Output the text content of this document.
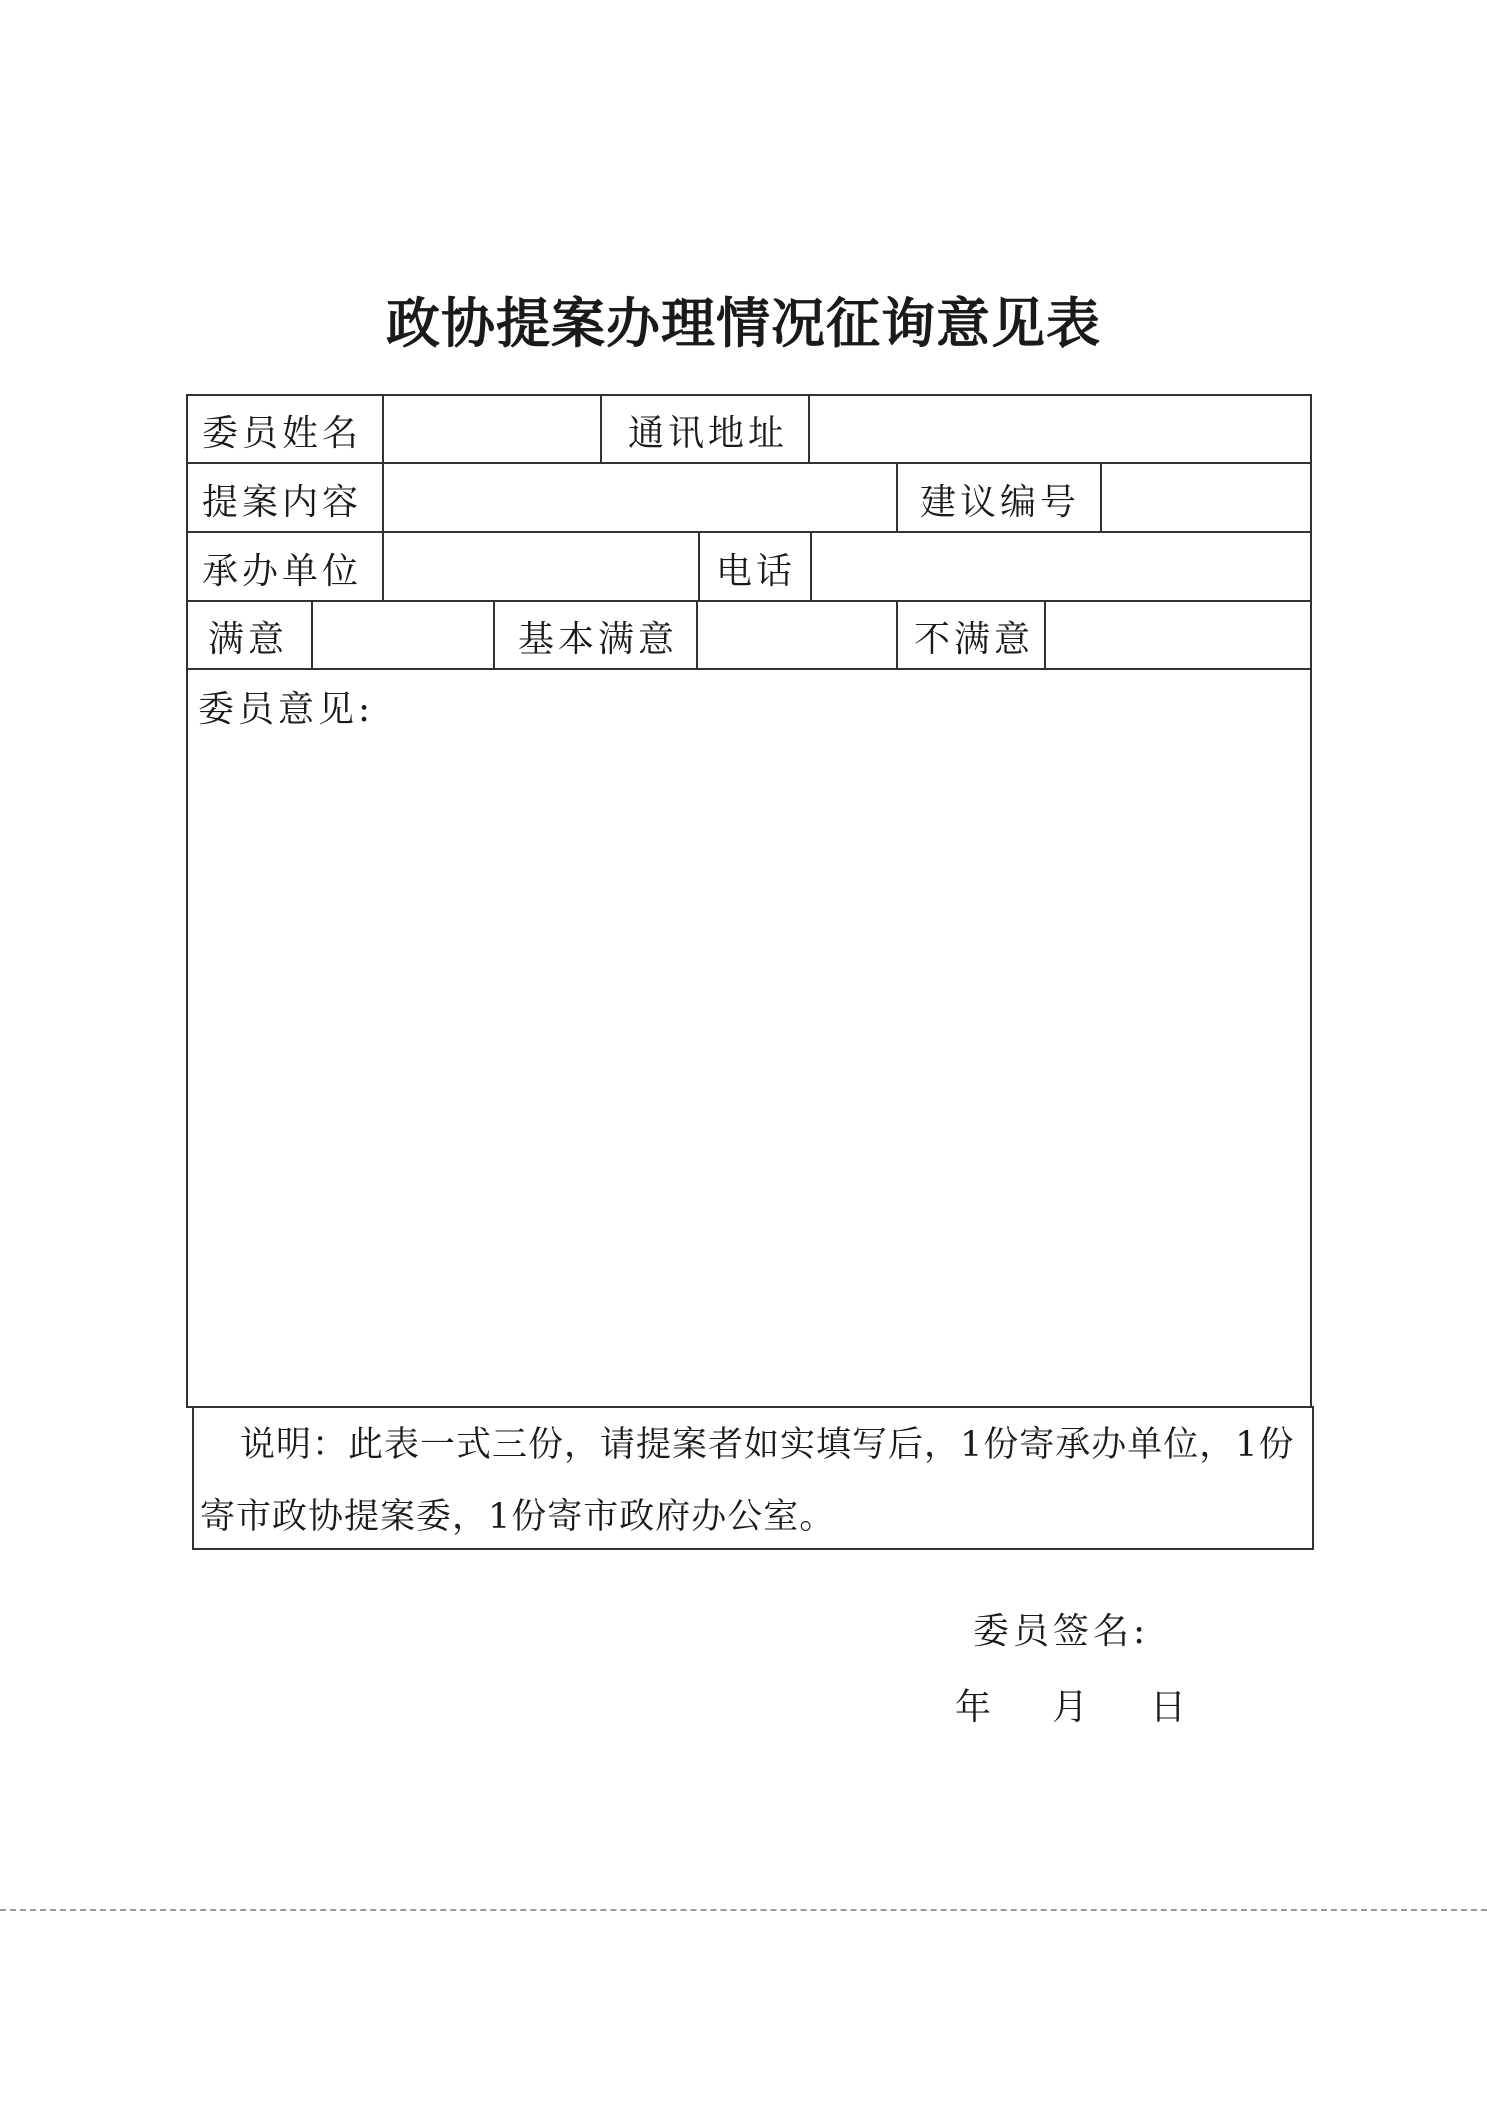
政协提案办理情况征询意见表
委员姓名	通讯地址
提案内容	建议编号
承办单位	电话
满意	基本满意	不满意
委员意见:
说明：此表一式三份，请提案者如实填写后，1份寄承办单位，1份寄市政协提案委，1份寄市政府办公室。
委员签名:
年 月 日
